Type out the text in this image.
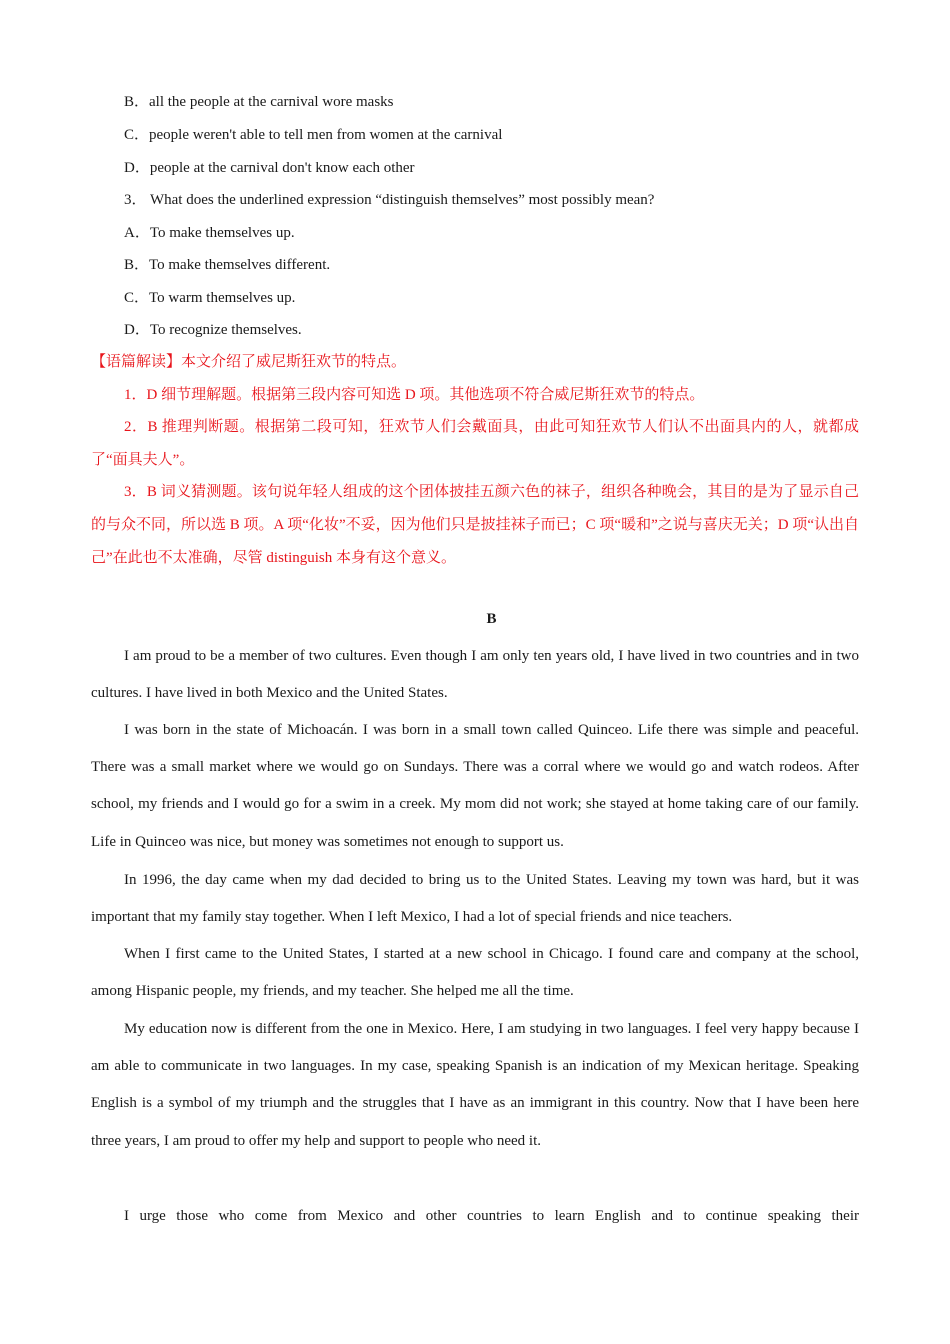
B．all the people at the carnival wore masks
C．people weren't able to tell men from women at the carnival
D．people at the carnival don't know each other
3． What does the underlined expression “distinguish themselves” most possibly mean?
A．To make themselves up.
B．To make themselves different.
C．To warm themselves up.
D．To recognize themselves.
【语篇解读】本文介绍了威尼斯狂欢节的特点。
1．D 细节理解题。根据第三段内容可知选 D 项。其他选项不符合威尼斯狂欢节的特点。

2．B 推理判断题。根据第二段可知，狂欢节人们会戴面具，由此可知狂欢节人们认不出面具内的人，就都成了“面具夫人”。

3．B 词义猜测题。该句说年轻人组成的这个团体披挂五颜六色的袜子，组织各种晚会，其目的是为了显示自己的与众不同，所以选 B 项。A 项“化妆”不妥，因为他们只是披挂袜子而已；C 项“暖和”之说与喜庆无关；D 项“认出自己”在此也不太准确，尽管 distinguish 本身有这个意义。

B

I am proud to be a member of two cultures. Even though I am only ten years old, I have lived in two countries and in two cultures. I have lived in both Mexico and the United States.

I was born in the state of Michoacán. I was born in a small town called Quinceo. Life there was simple and peaceful. There was a small market where we would go on Sundays. There was a corral where we would go and watch rodeos. After school, my friends and I would go for a swim in a creek. My mom did not work; she stayed at home taking care of our family. Life in Quinceo was nice, but money was sometimes not enough to support us.

In 1996, the day came when my dad decided to bring us to the United States. Leaving my town was hard, but it was important that my family stay together. When I left Mexico, I had a lot of special friends and nice teachers.

When I first came to the United States, I started at a new school in Chicago. I found care and company at the school, among Hispanic people, my friends, and my teacher. She helped me all the time.

My education now is different from the one in Mexico. Here, I am studying in two languages. I feel very happy because I am able to communicate in two languages. In my case, speaking Spanish is an indication of my Mexican heritage. Speaking English is a symbol of my triumph and the struggles that I have as an immigrant in this country. Now that I have been here three years, I am proud to offer my help and support to people who need it.

I urge those who come from Mexico and other countries to learn English and to continue speaking their
